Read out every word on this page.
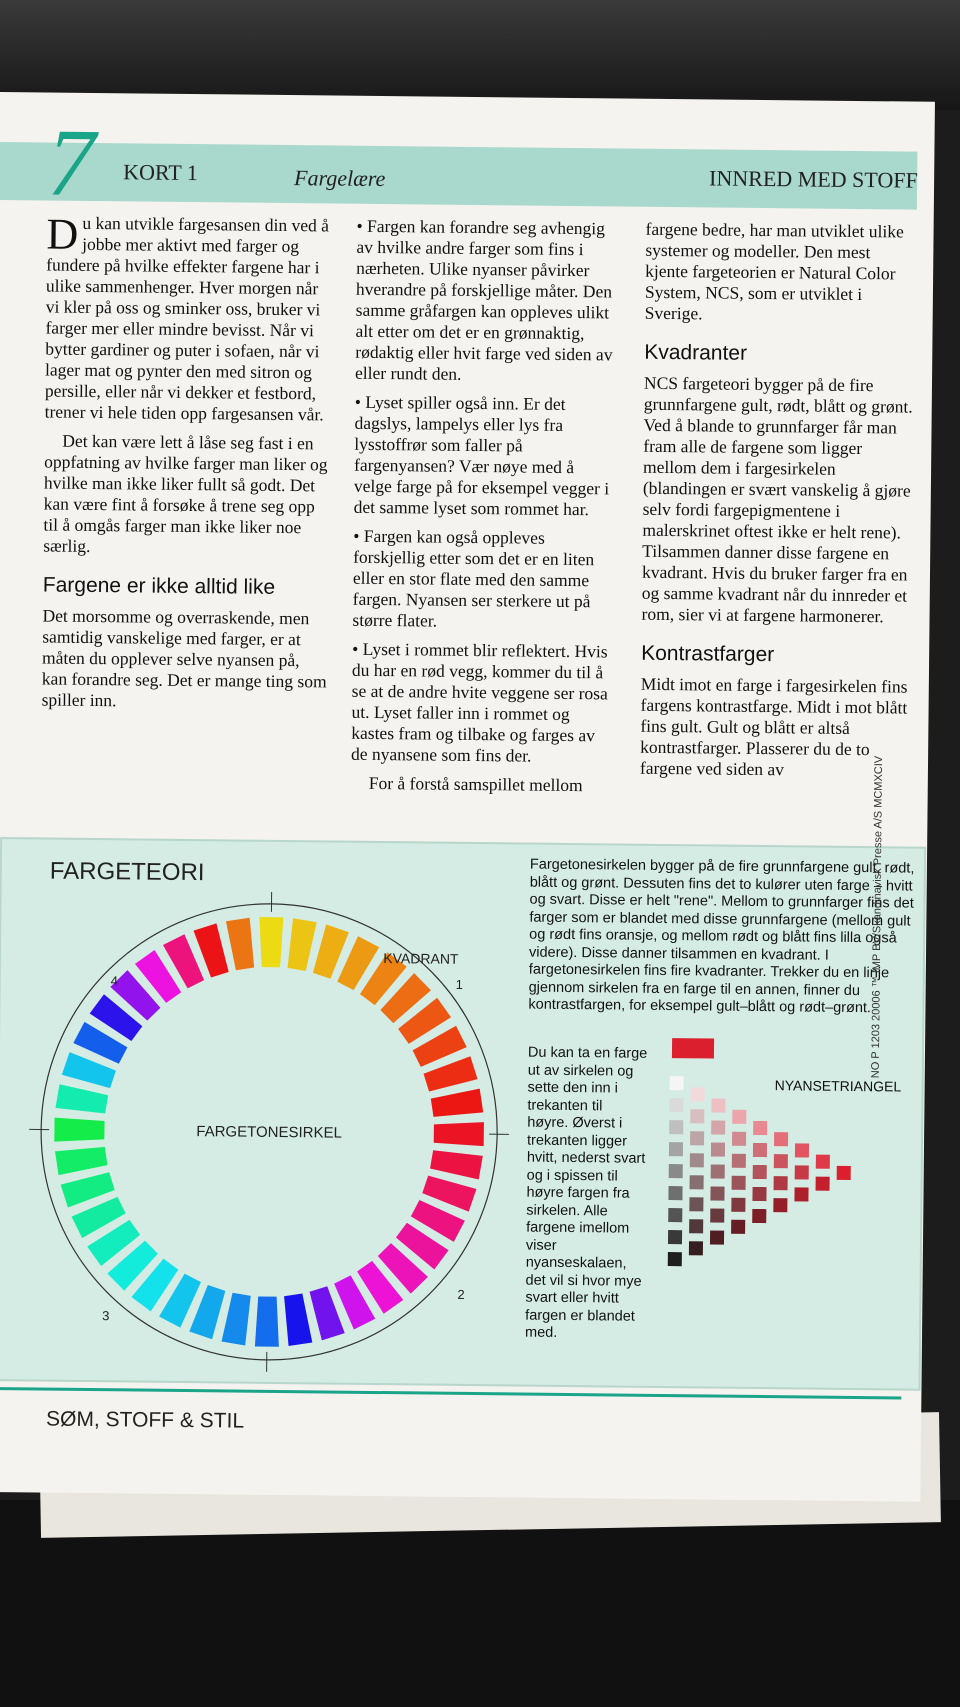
7 KORT 1	Fargelære	INNRED MED STOFF

Du kan utvikle fargesansen din ved å jobbe mer aktivt med farger og fundere på hvilke effekter fargene har i ulike sammenhenger. Hver morgen når vi kler på oss og sminker oss, bruker vi farger mer eller mindre bevisst. Når vi bytter gardiner og puter i sofaen, når vi lager mat og pynter den med sitron og persille, eller når vi dekker et festbord, trener vi hele tiden opp fargesansen vår.

Det kan være lett å låse seg fast i en oppfatning av hvilke farger man liker og hvilke man ikke liker fullt så godt. Det kan være fint å forsøke å trene seg opp til å omgås farger man ikke liker noe særlig.

Fargene er ikke alltid like

Det morsomme og overraskende, men samtidig vanskelige med farger, er at måten du opplever selve nyansen på, kan forandre seg. Det er mange ting som spiller inn.

• Fargen kan forandre seg avhengig av hvilke andre farger som fins i nærheten. Ulike nyanser påvirker hverandre på forskjellige måter. Den samme gråfargen kan oppleves ulikt alt etter om det er en grønnaktig, rødaktig eller hvit farge ved siden av eller rundt den.

• Lyset spiller også inn. Er det dagslys, lampelys eller lys fra lysstoffrør som faller på fargenyansen? Vær nøye med å velge farge på for eksempel vegger i det samme lyset som rommet har.

• Fargen kan også oppleves forskjellig etter som det er en liten eller en stor flate med den samme fargen. Nyansen ser sterkere ut på større flater.

• Lyset i rommet blir reflektert. Hvis du har en rød vegg, kommer du til å se at de andre hvite veggene ser rosa ut. Lyset faller inn i rommet og kastes fram og tilbake og farges av de nyansene som fins der.

For å forstå samspillet mellom

fargene bedre, har man utviklet ulike systemer og modeller. Den mest kjente fargeteorien er Natural Color System, NCS, som er utviklet i Sverige.

Kvadranter

NCS fargeteori bygger på de fire grunnfargene gult, rødt, blått og grønt. Ved å blande to grunnfarger får man fram alle de fargene som ligger mellom dem i fargesirkelen (blandingen er svært vanskelig å gjøre selv fordi fargepigmentene i malerskrinet oftest ikke er helt rene). Tilsammen danner disse fargene en kvadrant. Hvis du bruker farger fra en og samme kvadrant når du innreder et rom, sier vi at fargene harmonerer.

Kontrastfarger

Midt imot en farge i fargesirkelen fins fargens kontrastfarge. Midt i mot blått fins gult. Gult og blått er altså kontrastfarger. Plasserer du de to fargene ved siden av

FARGETEORI
FARGETONESIRKEL
KVADRANT
1
2
3
4
Fargetonesirkelen bygger på de fire grunnfargene gult, rødt, blått og grønt. Dessuten fins det to kulører uten farge – hvitt og svart. Disse er helt "rene". Mellom to grunnfarger fins det farger som er blandet med disse grunnfargene (mellom gult og rødt fins oransje, og mellom rødt og blått fins lilla også videre). Disse danner tilsammen en kvadrant. I fargetonesirkelen fins fire kvadranter. Trekker du en linje gjennom sirkelen fra en farge til en annen, finner du kontrastfargen, for eksempel gult–blått og rødt–grønt.
Du kan ta en farge ut av sirkelen og sette den inn i trekanten til høyre. Øverst i trekanten ligger hvitt, nederst svart og i spissen til høyre fargen fra sirkelen. Alle fargene imellom viser nyanseskalaen, det vil si hvor mye svart eller hvitt fargen er blandet med.
NYANSETRIANGEL
NO P 1203 20006 ™ IMP BV/Skandinavisk Presse A/S MCMXCIV
SØM, STOFF & STIL
